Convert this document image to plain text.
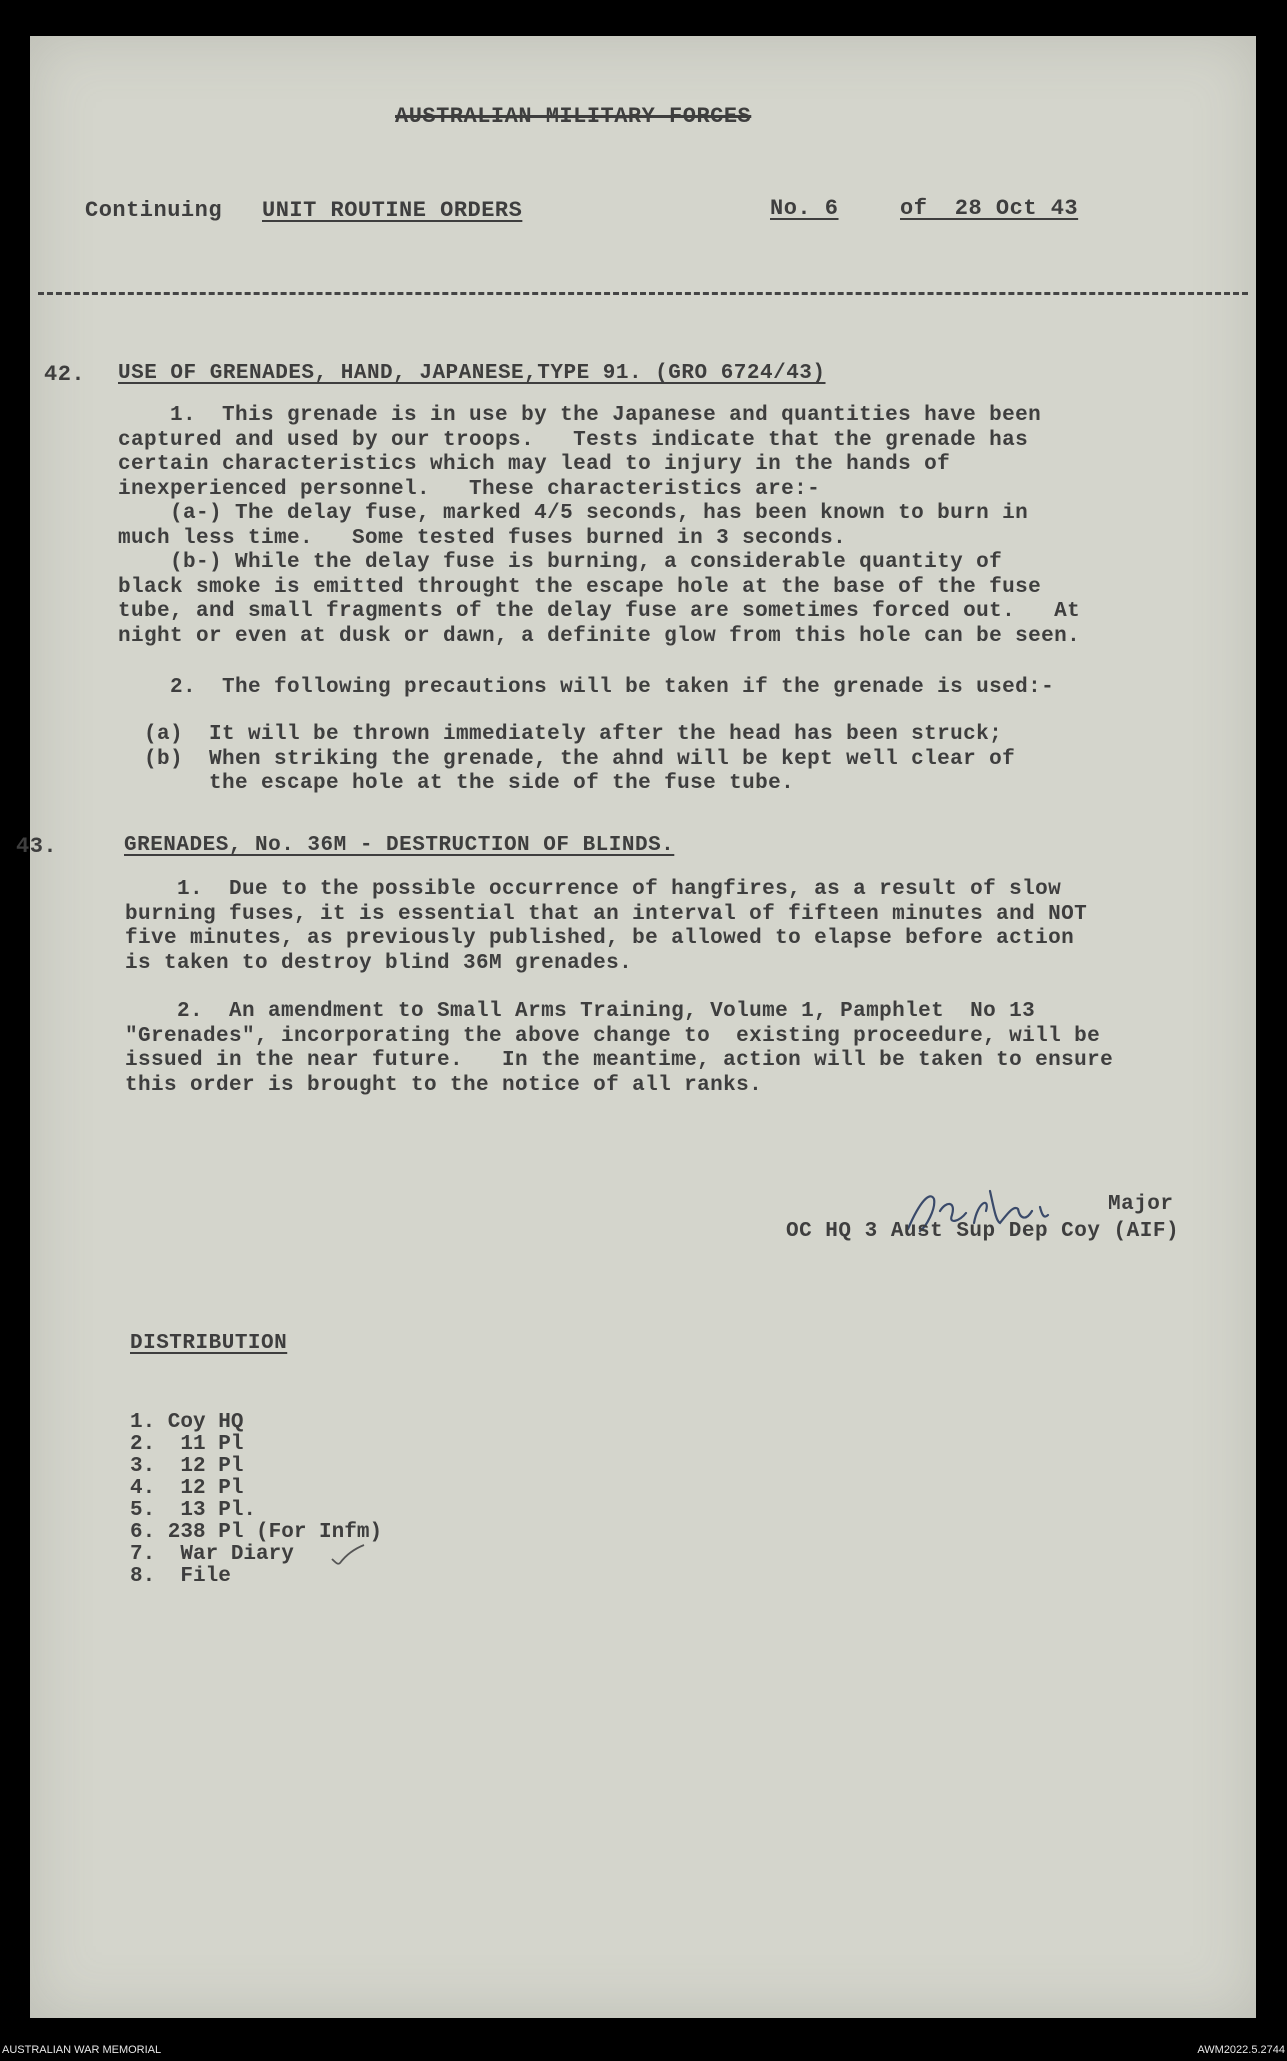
AUSTRALIAN MILITARY FORCES
Continuing UNIT ROUTINE ORDERS	No. 6	of  28 Oct 43
42. USE OF GRENADES, HAND, JAPANESE,TYPE 91. (GRO 6724/43)
1.  This grenade is in use by the Japanese and quantities have been
captured and used by our troops.   Tests indicate that the grenade has
certain characteristics which may lead to injury in the hands of
inexperienced personnel.   These characteristics are:-
(a-) The delay fuse, marked 4/5 seconds, has been known to burn in
much less time.   Some tested fuses burned in 3 seconds.
(b-) While the delay fuse is burning, a considerable quantity of
black smoke is emitted throught the escape hole at the base of the fuse
tube, and small fragments of the delay fuse are sometimes forced out.   At
night or even at dusk or dawn, a definite glow from this hole can be seen.
2.  The following precautions will be taken if the grenade is used:-
(a)  It will be thrown immediately after the head has been struck;
(b)  When striking the grenade, the ahnd will be kept well clear of
the escape hole at the side of the fuse tube.
43.	GRENADES, No. 36M - DESTRUCTION OF BLINDS.
1.  Due to the possible occurrence of hangfires, as a result of slow
burning fuses, it is essential that an interval of fifteen minutes and NOT
five minutes, as previously published, be allowed to elapse before action
is taken to destroy blind 36M grenades.
2.  An amendment to Small Arms Training, Volume 1, Pamphlet  No 13
"Grenades", incorporating the above change to  existing proceedure, will be
issued in the near future.   In the meantime, action will be taken to ensure
this order is brought to the notice of all ranks.
Major
OC HQ 3 Aust Sup Dep Coy (AIF)
DISTRIBUTION
1. Coy HQ
2.  11 Pl
3.  12 Pl
4.  12 Pl
5.  13 Pl.
6. 238 Pl (For Infm)
7.  War Diary
8.  File
AUSTRALIAN WAR MEMORIAL	AWM2022.5.2744
